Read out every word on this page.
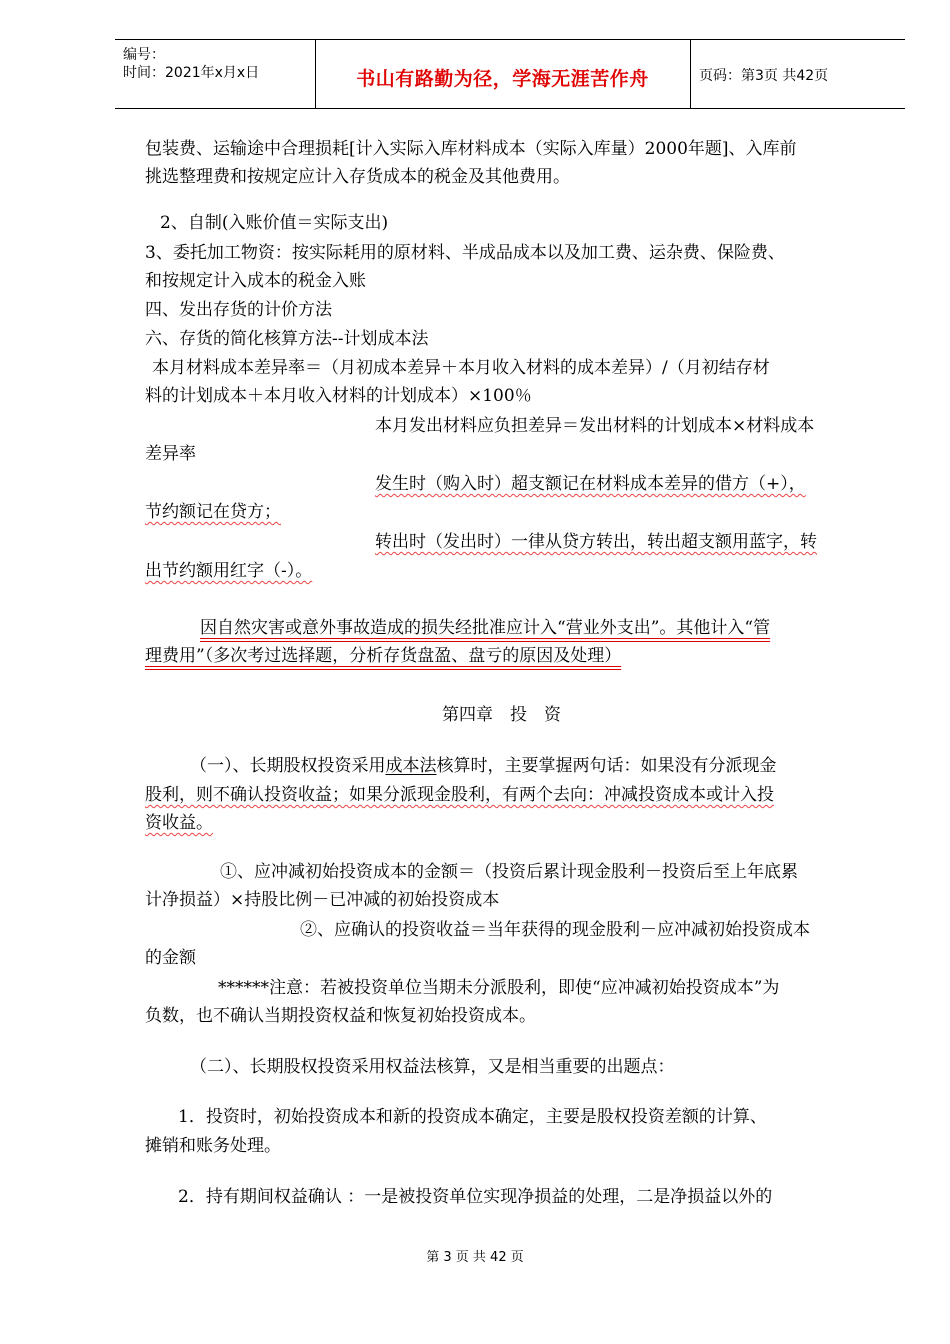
编号：
时间：2021年x月x日	书山有路勤为径，学海无涯苦作舟	页码：第3页 共42页
包装费、运输途中合理损耗[计入实际入库材料成本（实际入库量）2000年题]、入库前
挑选整理费和按规定应计入存货成本的税金及其他费用。
2、自制(入账价值＝实际支出)
3、委托加工物资：按实际耗用的原材料、半成品成本以及加工费、运杂费、保险费、
和按规定计入成本的税金入账
四、发出存货的计价方法
六、存货的简化核算方法--计划成本法
本月材料成本差异率＝（月初成本差异＋本月收入材料的成本差异）/（月初结存材
料的计划成本＋本月收入材料的计划成本）×100％
本月发出材料应负担差异＝发出材料的计划成本×材料成本
差异率
发生时（购入时）超支额记在材料成本差异的借方（+），
节约额记在贷方；
转出时（发出时）一律从贷方转出，转出超支额用蓝字，转
出节约额用红字（-）。
因自然灾害或意外事故造成的损失经批准应计入“营业外支出”。其他计入“管
理费用”（多次考过选择题，分析存货盘盈、盘亏的原因及处理）
第四章　投　资
（一）、长期股权投资采用成本法核算时，主要掌握两句话：如果没有分派现金
股利，则不确认投资收益；如果分派现金股利，有两个去向：冲减投资成本或计入投
资收益。
①、应冲减初始投资成本的金额＝（投资后累计现金股利－投资后至上年底累
计净损益）×持股比例－已冲减的初始投资成本
②、应确认的投资收益＝当年获得的现金股利－应冲减初始投资成本
的金额
******注意：若被投资单位当期未分派股利，即使“应冲减初始投资成本”为
负数，也不确认当期投资权益和恢复初始投资成本。
（二）、长期股权投资采用权益法核算，又是相当重要的出题点：
1．投资时，初始投资成本和新的投资成本确定，主要是股权投资差额的计算、
摊销和账务处理。
2．持有期间权益确认 ：一是被投资单位实现净损益的处理，二是净损益以外的
第 3 页 共 42 页
